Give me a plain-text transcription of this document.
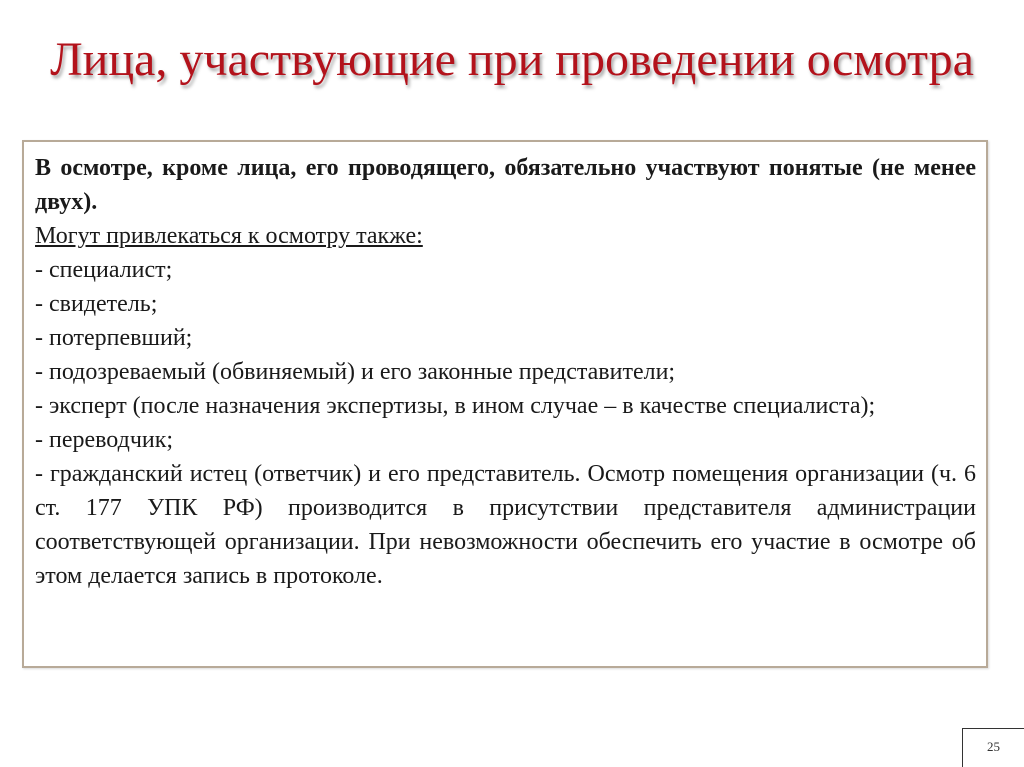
Лица, участвующие при проведении осмотра

В осмотре, кроме лица, его проводящего, обязательно участвуют понятые (не менее двух).

Могут привлекаться к осмотру также:

- специалист;
- свидетель;
- потерпевший;
- подозреваемый (обвиняемый) и его законные представители;
- эксперт (после назначения экспертизы, в ином случае – в качестве специалиста);
- переводчик;
- гражданский истец (ответчик) и его представитель. Осмотр помещения организации (ч. 6 ст. 177 УПК РФ) производится в присутствии представителя администрации соответствующей организации. При невозможности обеспечить его участие в осмотре об этом делается запись в протоколе.
25
